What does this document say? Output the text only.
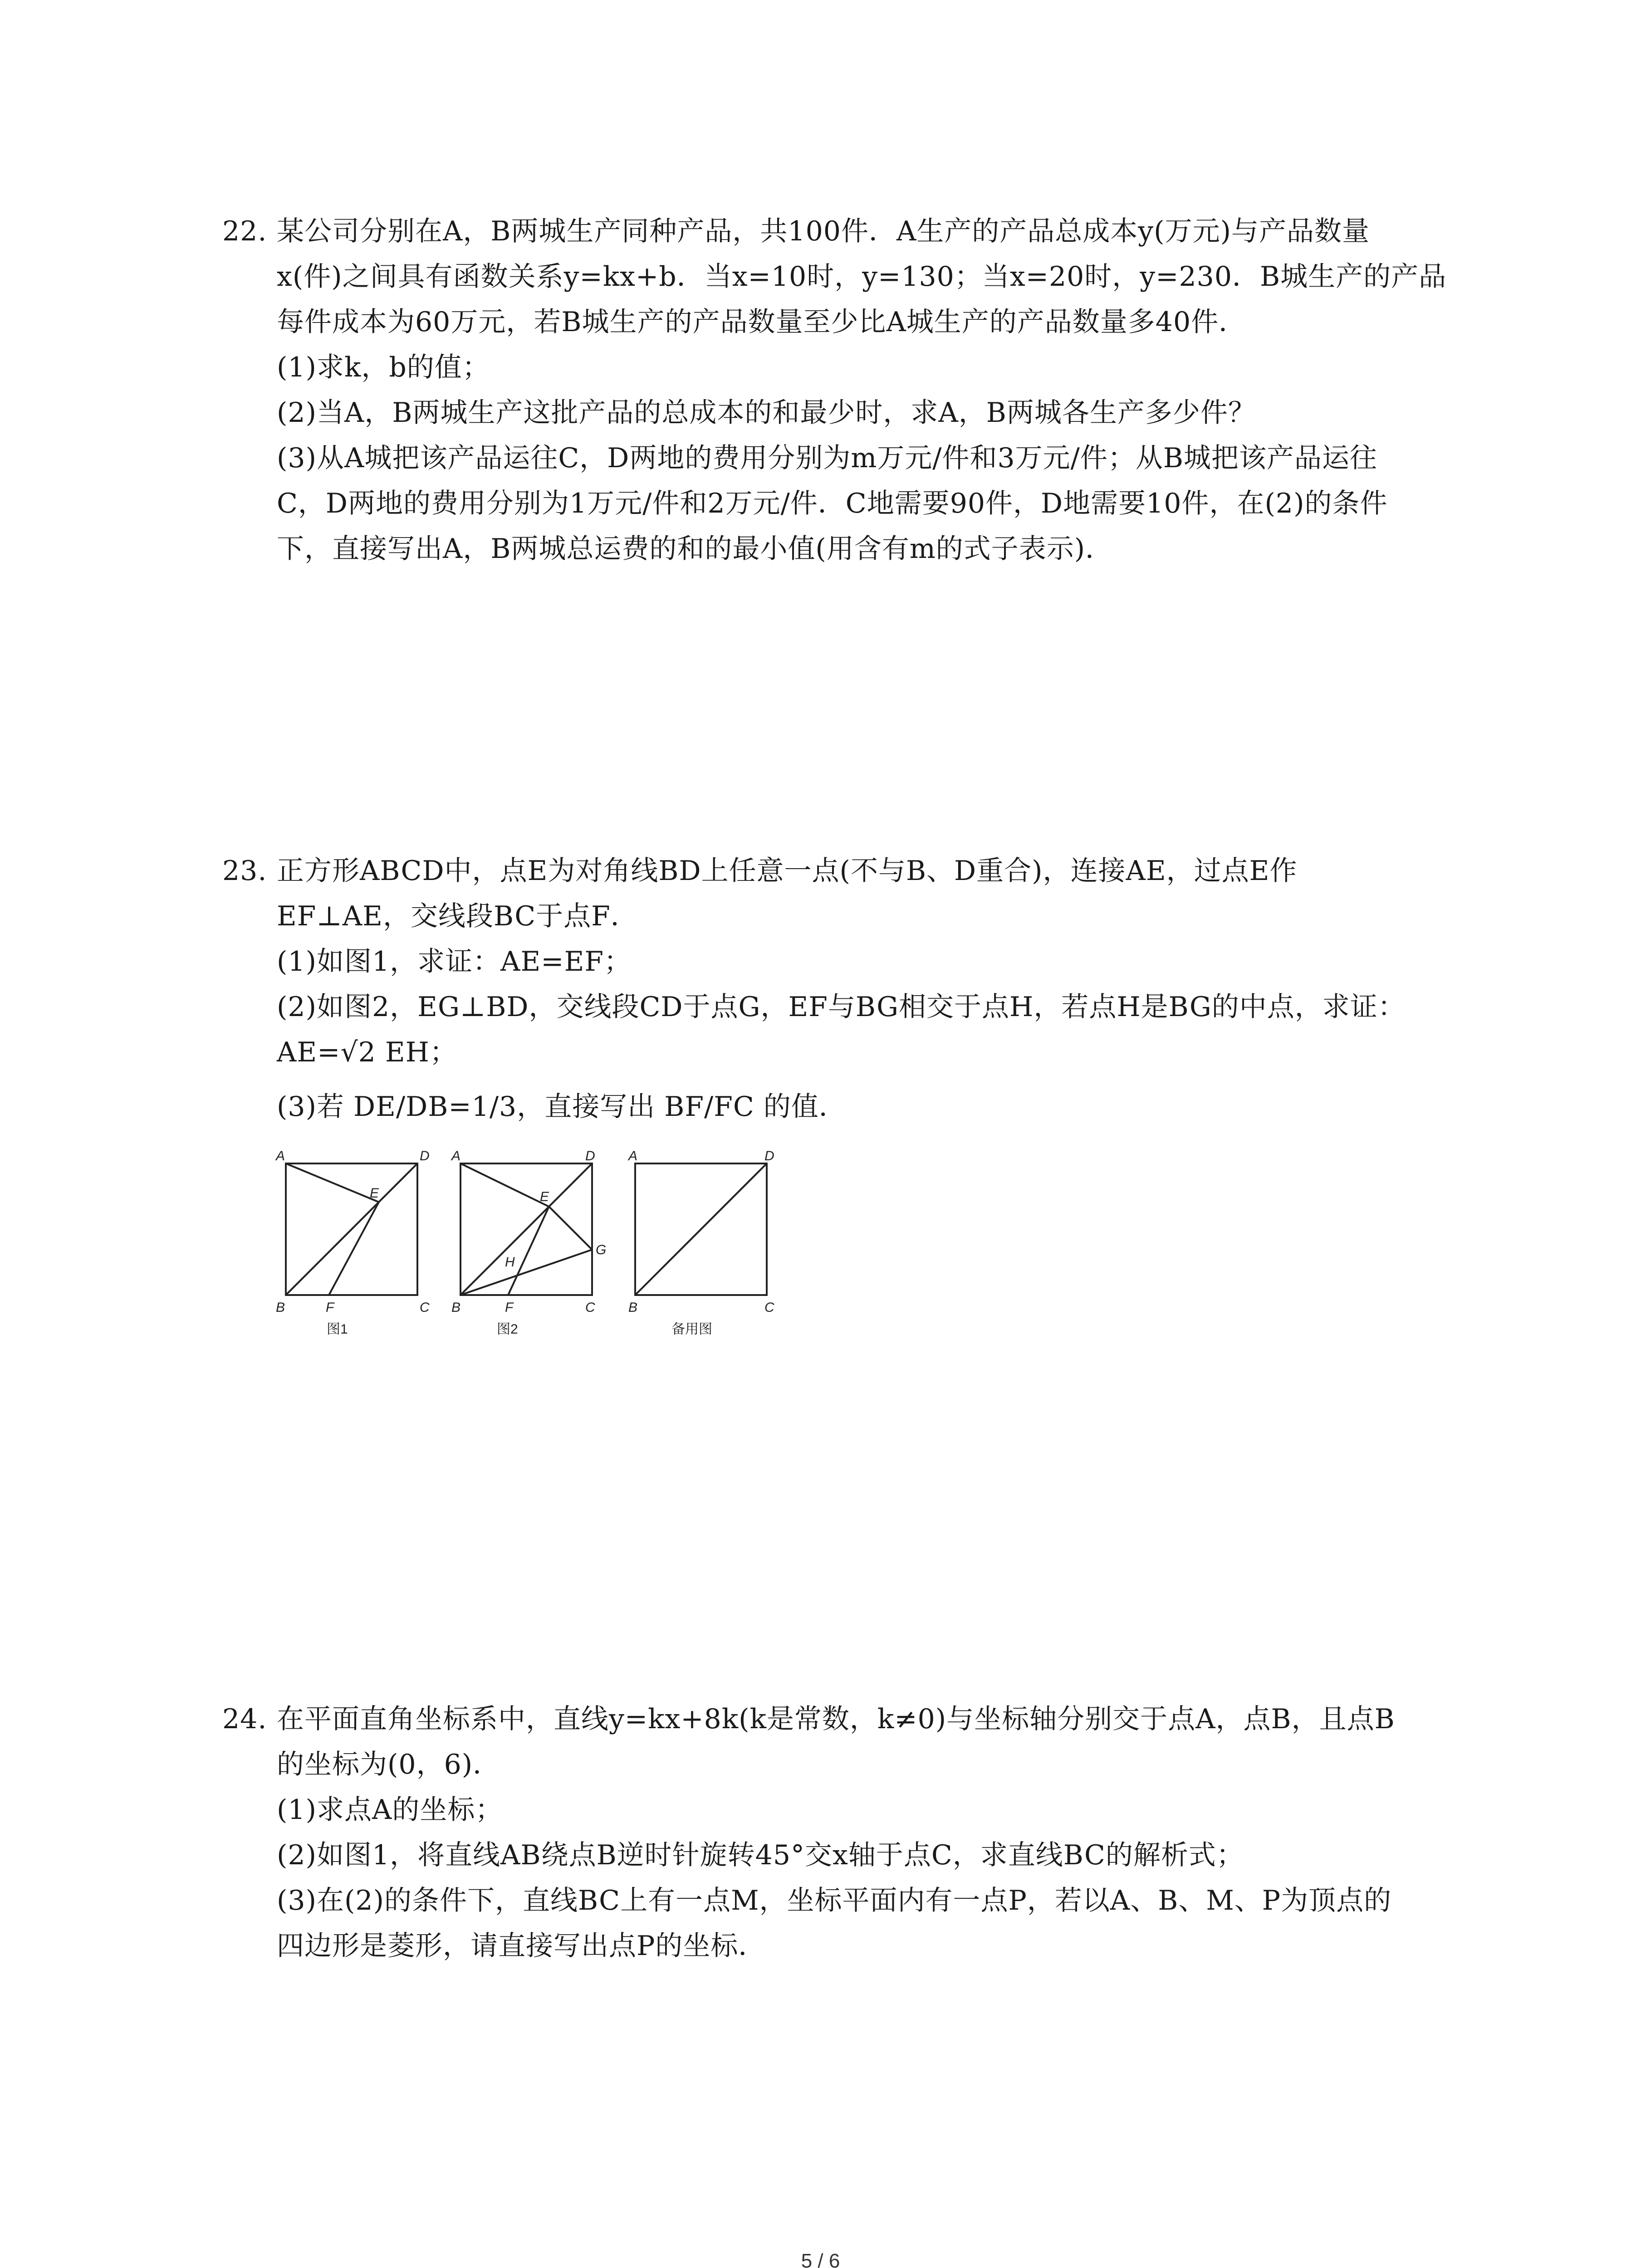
22. 某公司分别在A，B两城生产同种产品，共100件．A生产的产品总成本y(万元)与产品数量
x(件)之间具有函数关系y=kx+b．当x=10时，y=130；当x=20时，y=230．B城生产的产品
每件成本为60万元，若B城生产的产品数量至少比A城生产的产品数量多40件．
(1)求k，b的值；
(2)当A，B两城生产这批产品的总成本的和最少时，求A，B两城各生产多少件？
(3)从A城把该产品运往C，D两地的费用分别为m万元/件和3万元/件；从B城把该产品运往
C，D两地的费用分别为1万元/件和2万元/件．C地需要90件，D地需要10件，在(2)的条件
下，直接写出A，B两城总运费的和的最小值(用含有m的式子表示)．
23. 正方形ABCD中，点E为对角线BD上任意一点(不与B、D重合)，连接AE，过点E作
EF⊥AE，交线段BC于点F．
(1)如图1，求证：AE=EF；
(2)如图2，EG⊥BD，交线段CD于点G，EF与BG相交于点H，若点H是BG的中点，求证：
AE=√2 EH；
(3)若 DE/DB=1/3，直接写出 BF/FC 的值．
A	D
E
B	F	C
图1
A	D
E
G
H
B	F	C
图2
A	D
B	C
备用图
24. 在平面直角坐标系中，直线y=kx+8k(k是常数，k≠0)与坐标轴分别交于点A，点B，且点B
的坐标为(0，6)．
(1)求点A的坐标；
(2)如图1，将直线AB绕点B逆时针旋转45°交x轴于点C，求直线BC的解析式；
(3)在(2)的条件下，直线BC上有一点M，坐标平面内有一点P，若以A、B、M、P为顶点的
四边形是菱形，请直接写出点P的坐标．
5 / 6
